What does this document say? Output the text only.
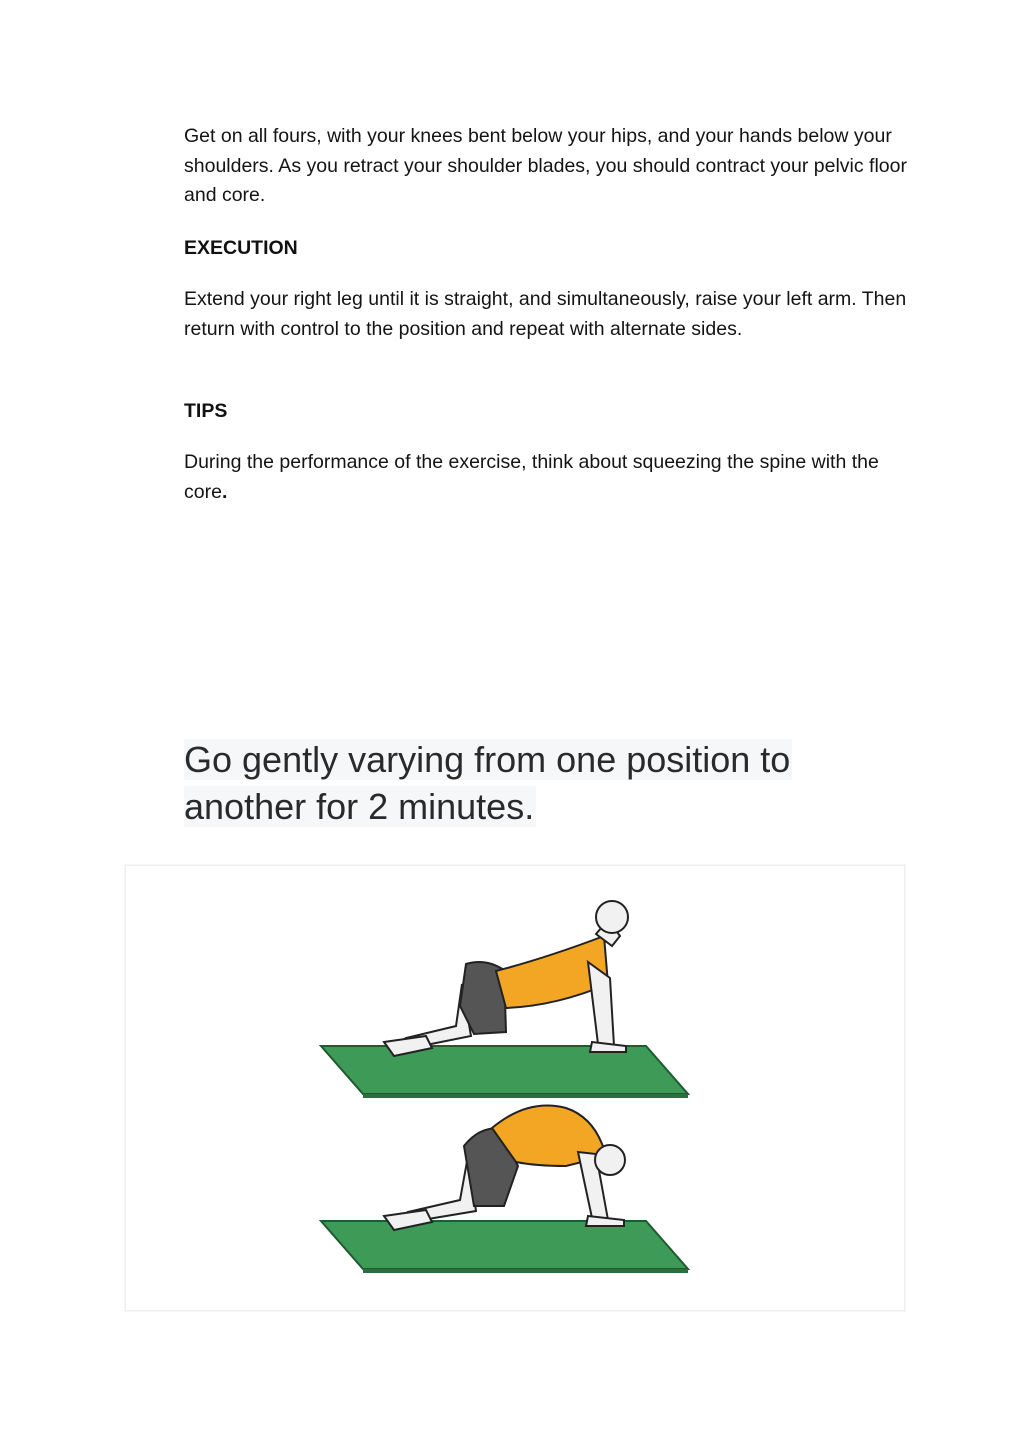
Get on all fours, with your knees bent below your hips, and your hands below your shoulders. As you retract your shoulder blades, you should contract your pelvic floor and core.

EXECUTION

Extend your right leg until it is straight, and simultaneously, raise your left arm. Then return with control to the position and repeat with alternate sides.

TIPS

During the performance of the exercise, think about squeezing the spine with the core.

Go gently varying from one position to
another for 2 minutes.
